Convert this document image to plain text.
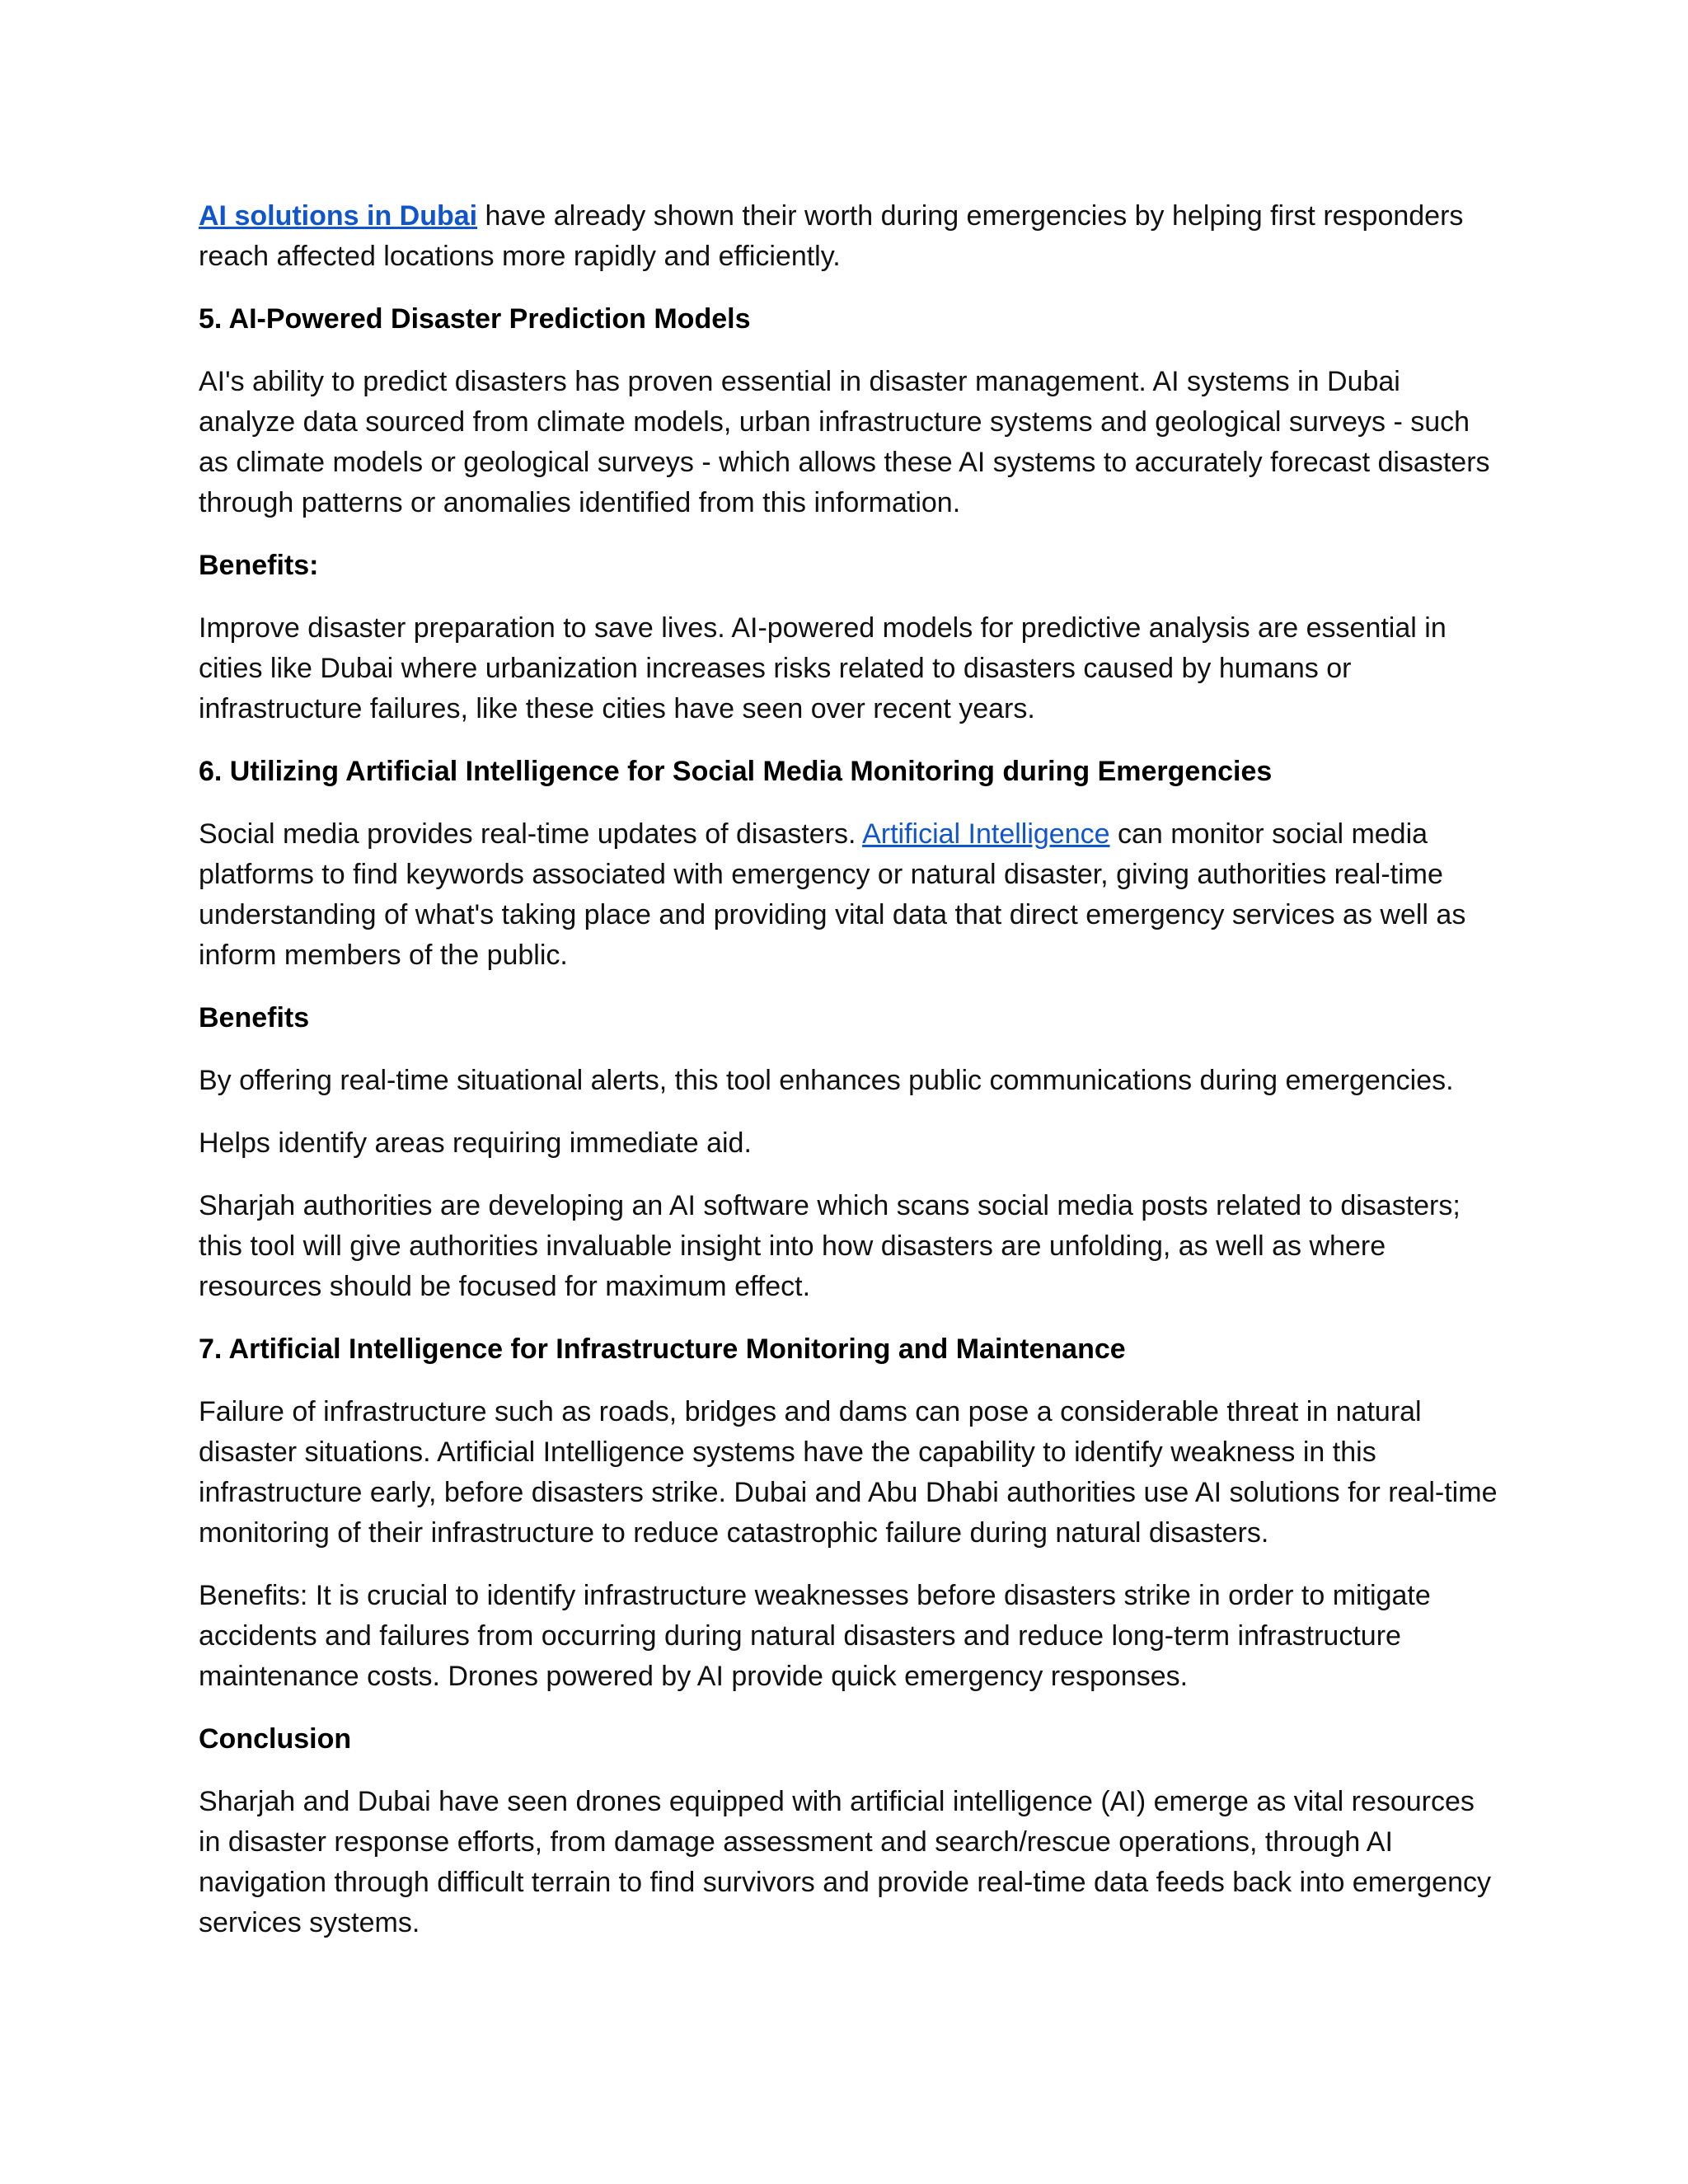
AI solutions in Dubai have already shown their worth during emergencies by helping first responders reach affected locations more rapidly and efficiently.

5. AI-Powered Disaster Prediction Models

AI's ability to predict disasters has proven essential in disaster management. AI systems in Dubai analyze data sourced from climate models, urban infrastructure systems and geological surveys - such as climate models or geological surveys - which allows these AI systems to accurately forecast disasters through patterns or anomalies identified from this information.

Benefits:

Improve disaster preparation to save lives. AI-powered models for predictive analysis are essential in cities like Dubai where urbanization increases risks related to disasters caused by humans or infrastructure failures, like these cities have seen over recent years.

6. Utilizing Artificial Intelligence for Social Media Monitoring during Emergencies

Social media provides real-time updates of disasters. Artificial Intelligence can monitor social media platforms to find keywords associated with emergency or natural disaster, giving authorities real-time understanding of what's taking place and providing vital data that direct emergency services as well as inform members of the public.

Benefits

By offering real-time situational alerts, this tool enhances public communications during emergencies.

Helps identify areas requiring immediate aid.

Sharjah authorities are developing an AI software which scans social media posts related to disasters; this tool will give authorities invaluable insight into how disasters are unfolding, as well as where resources should be focused for maximum effect.

7. Artificial Intelligence for Infrastructure Monitoring and Maintenance

Failure of infrastructure such as roads, bridges and dams can pose a considerable threat in natural disaster situations. Artificial Intelligence systems have the capability to identify weakness in this infrastructure early, before disasters strike. Dubai and Abu Dhabi authorities use AI solutions for real-time monitoring of their infrastructure to reduce catastrophic failure during natural disasters.

Benefits: It is crucial to identify infrastructure weaknesses before disasters strike in order to mitigate accidents and failures from occurring during natural disasters and reduce long-term infrastructure maintenance costs. Drones powered by AI provide quick emergency responses.

Conclusion

Sharjah and Dubai have seen drones equipped with artificial intelligence (AI) emerge as vital resources in disaster response efforts, from damage assessment and search/rescue operations, through AI navigation through difficult terrain to find survivors and provide real-time data feeds back into emergency services systems.
